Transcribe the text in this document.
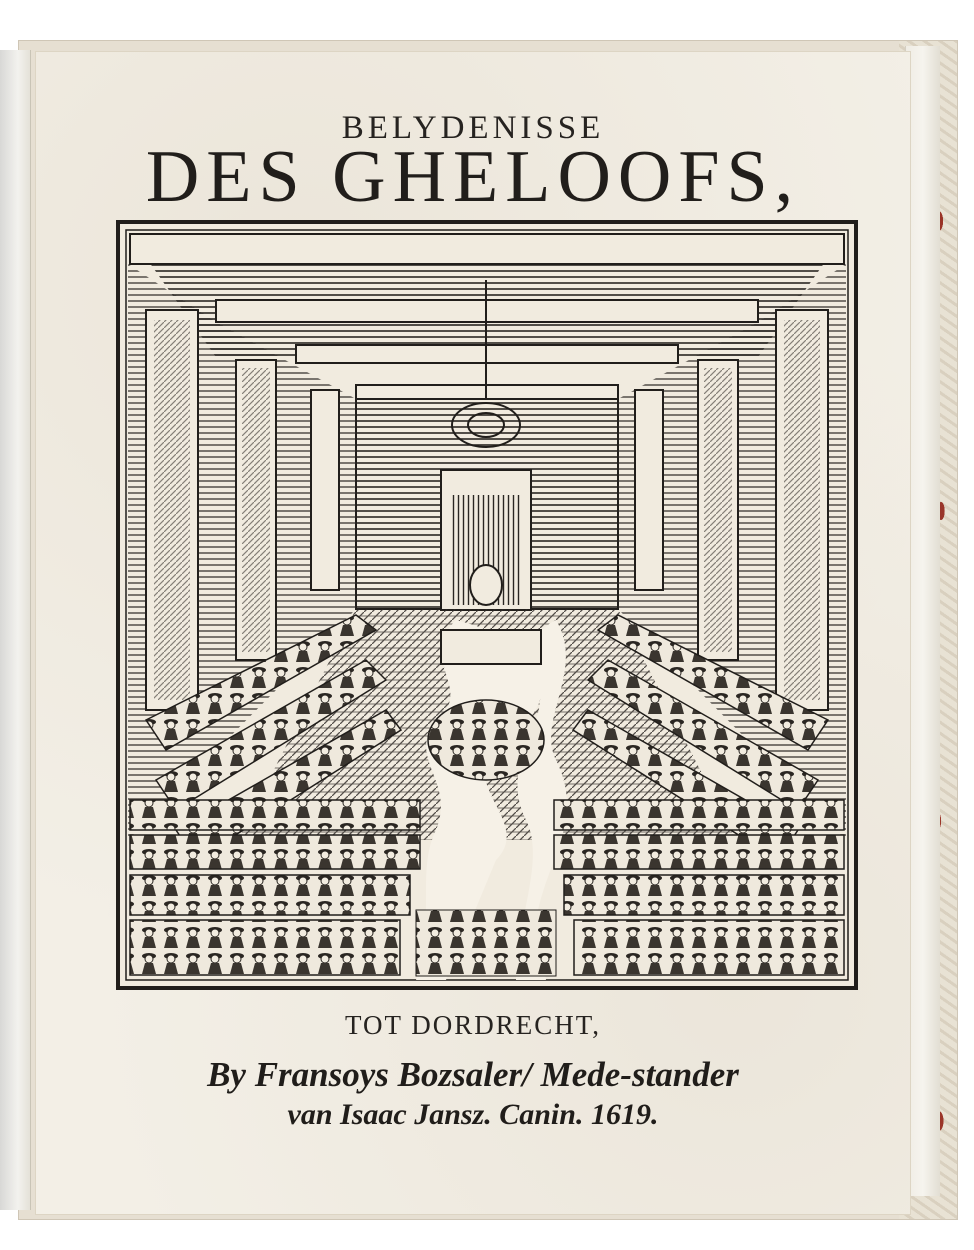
BELYDENISSE
DES GHELOOFS,
TOT DORDRECHT,
By Fransoys Bozsaler/ Mede-stander
van Isaac Jansz. Canin. 1619.
